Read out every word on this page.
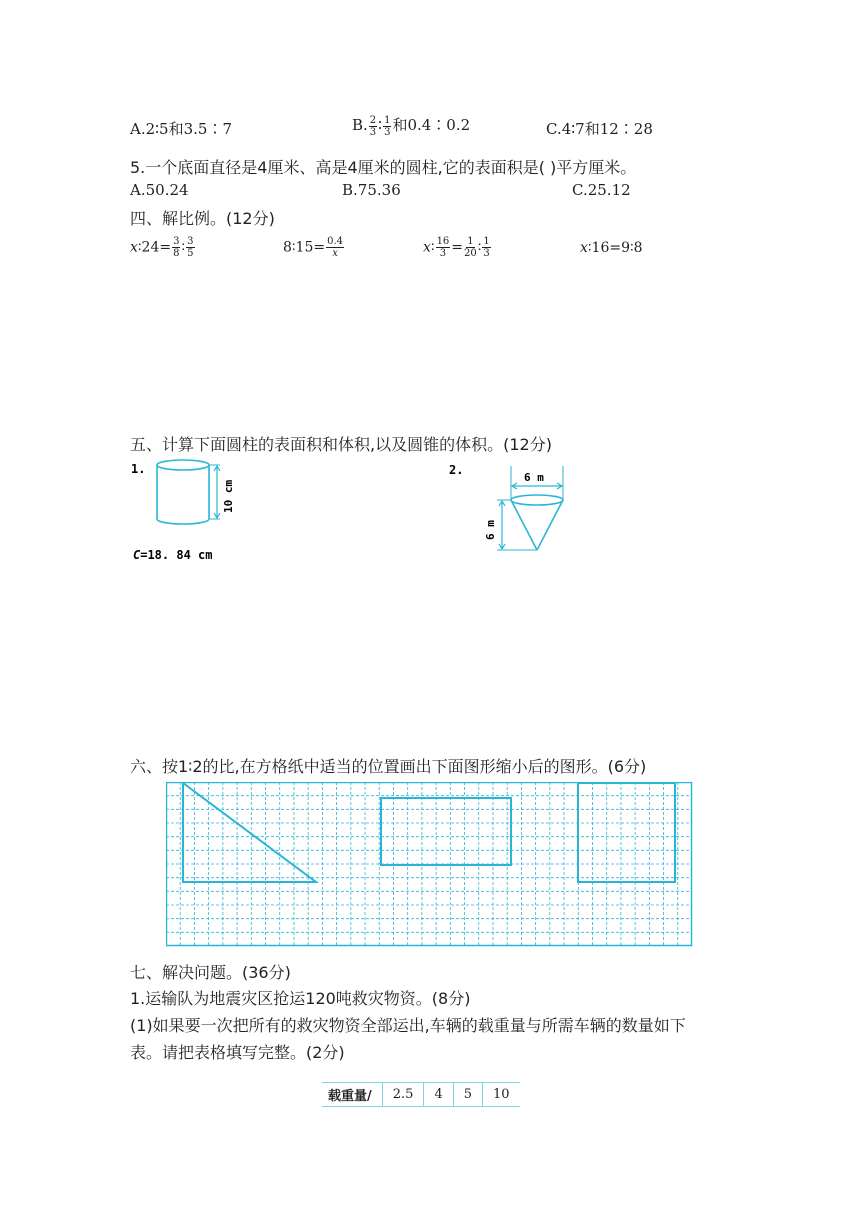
A.2∶5和3.5∶7	B. $\frac{2}{3}$ ∶ $\frac{1}{3}$ 和0.4∶0.2	C.4∶7和12∶28
5.一个底面直径是4厘米、高是4厘米的圆柱,它的表面积是( )平方厘米。
A.50.24	B.75.36	C.25.12
四、解比例。(12分)
x∶24= $\frac{3}{8}$ ∶ $\frac{3}{5}$	8∶15= $\frac{0.4}{x}$	x∶ $\frac{16}{3} = \frac{1}{20}$ ∶ $\frac{1}{3}$	x∶16=9∶8
五、计算下面圆柱的表面积和体积,以及圆锥的体积。(12分)
1.
10 cm
C=18. 84 cm
2.
6 m
6 m
六、按1∶2的比,在方格纸中适当的位置画出下面图形缩小后的图形。(6分)
七、解决问题。(36分)
1.运输队为地震灾区抢运120吨救灾物资。(8分)
(1)如果要一次把所有的救灾物资全部运出,车辆的载重量与所需车辆的数量如下
表。请把表格填写完整。(2分)
载重量/	2.5	4	5	10
